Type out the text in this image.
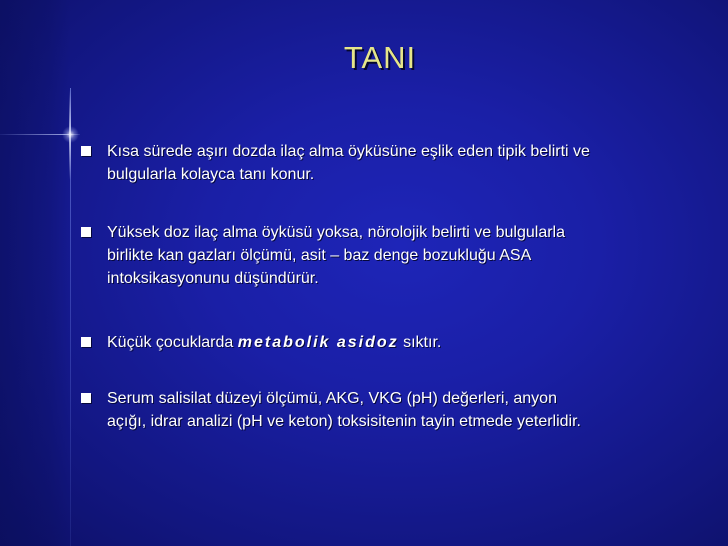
TANI
Kısa sürede aşırı dozda ilaç alma öyküsüne eşlik eden tipik belirti ve
bulgularla kolayca tanı konur.
Yüksek doz ilaç alma öyküsü yoksa, nörolojik belirti ve bulgularla
birlikte kan gazları ölçümü, asit – baz denge bozukluğu ASA
intoksikasyonunu düşündürür.
Küçük çocuklarda metabolik asidoz sıktır.
Serum salisilat düzeyi ölçümü, AKG, VKG (pH) değerleri, anyon
açığı, idrar analizi (pH ve keton) toksisitenin tayin etmede yeterlidir.
